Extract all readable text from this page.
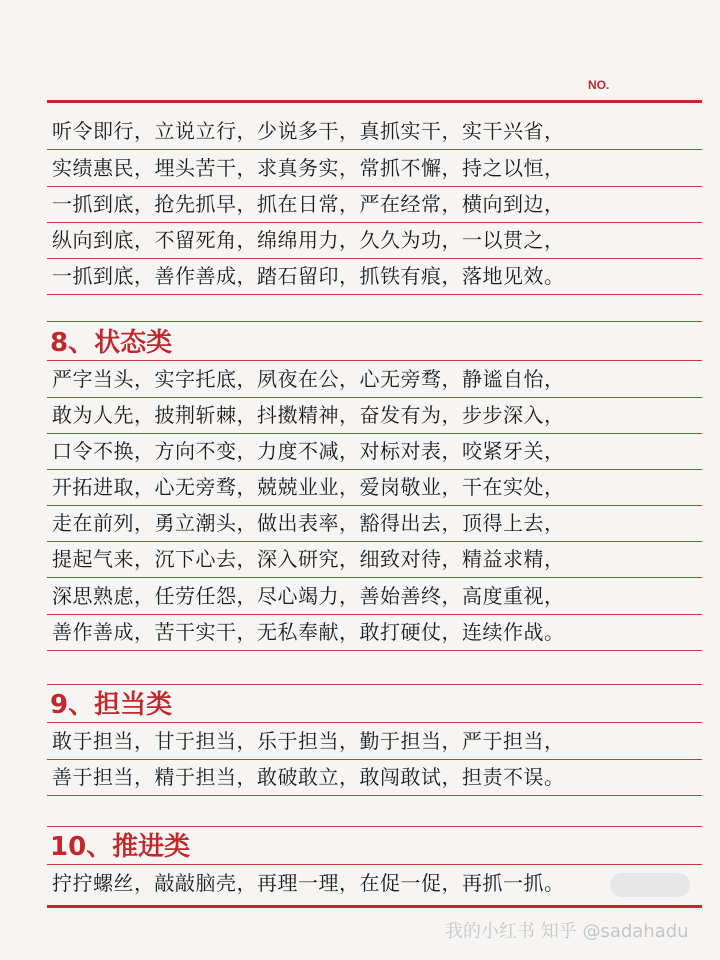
NO.
听令即行，立说立行，少说多干，真抓实干，实干兴省，
实绩惠民，埋头苦干，求真务实，常抓不懈，持之以恒，
一抓到底，抢先抓早，抓在日常，严在经常，横向到边，
纵向到底，不留死角，绵绵用力，久久为功，一以贯之，
一抓到底，善作善成，踏石留印，抓铁有痕，落地见效。
8、状态类
严字当头，实字托底，夙夜在公，心无旁骛，静谧自怡，
敢为人先，披荆斩棘，抖擞精神，奋发有为，步步深入，
口令不换，方向不变，力度不减，对标对表，咬紧牙关，
开拓进取，心无旁骛，兢兢业业，爱岗敬业，干在实处，
走在前列，勇立潮头，做出表率，豁得出去，顶得上去，
提起气来，沉下心去，深入研究，细致对待，精益求精，
深思熟虑，任劳任怨，尽心竭力，善始善终，高度重视，
善作善成，苦干实干，无私奉献，敢打硬仗，连续作战。
9、担当类
敢于担当，甘于担当，乐于担当，勤于担当，严于担当，
善于担当，精于担当，敢破敢立，敢闯敢试，担责不误。
10、推进类
拧拧螺丝，敲敲脑壳，再理一理，在促一促，再抓一抓。
我的小红书 知乎 @sadahadu
